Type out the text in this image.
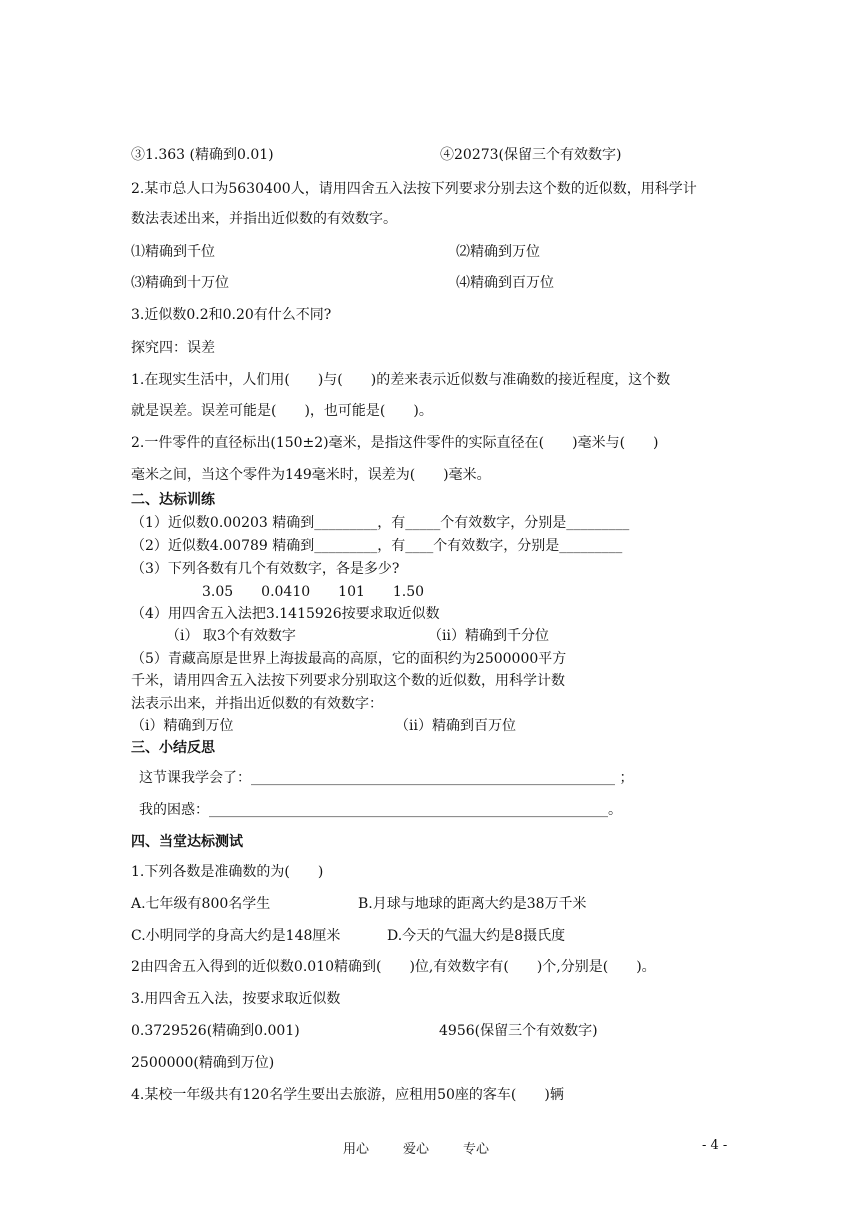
③1.363 (精确到0.01)	④20273(保留三个有效数字)
2.某市总人口为5630400人，请用四舍五入法按下列要求分别去这个数的近似数，用科学计
数法表述出来，并指出近似数的有效数字。
⑴精确到千位	⑵精确到万位
⑶精确到十万位	⑷精确到百万位
3.近似数0.2和0.20有什么不同?
探究四：误差
1.在现实生活中，人们用(　　)与(　　)的差来表示近似数与准确数的接近程度，这个数
就是误差。误差可能是(　　)，也可能是(　　)。
2.一件零件的直径标出(150±2)毫米，是指这件零件的实际直径在(　　)毫米与(　　)
毫米之间，当这个零件为149毫米时，误差为(　　)毫米。
二、达标训练
（1）近似数0.00203 精确到_________，有_____个有效数字，分别是_________
（2）近似数4.00789 精确到_________，有____个有效数字，分别是_________
（3）下列各数有几个有效数字，各是多少?
3.05　　0.0410　　101　　1.50
（4）用四舍五入法把3.1415926按要求取近似数
（ⅰ） 取3个有效数字	（ⅱ）精确到千分位
（5）青藏高原是世界上海拔最高的高原，它的面积约为2500000平方
千米，请用四舍五入法按下列要求分别取这个数的近似数，用科学计数
法表示出来，并指出近似数的有效数字：
（ⅰ）精确到万位	（ⅱ）精确到百万位
三、小结反思
这节课我学会了：____________________________________________________ ；
我的困惑：_________________________________________________________。
四、当堂达标测试
1.下列各数是准确数的为(　　)
A.七年级有800名学生	B.月球与地球的距离大约是38万千米
C.小明同学的身高大约是148厘米	D.今天的气温大约是8摄氏度
2由四舍五入得到的近似数0.010精确到(　　)位,有效数字有(　　)个,分别是(　　)。
3.用四舍五入法，按要求取近似数
0.3729526(精确到0.001)	4956(保留三个有效数字)
2500000(精确到万位)
4.某校一年级共有120名学生要出去旅游，应租用50座的客车(　　)辆
用心	爱心	专心	- 4 -
